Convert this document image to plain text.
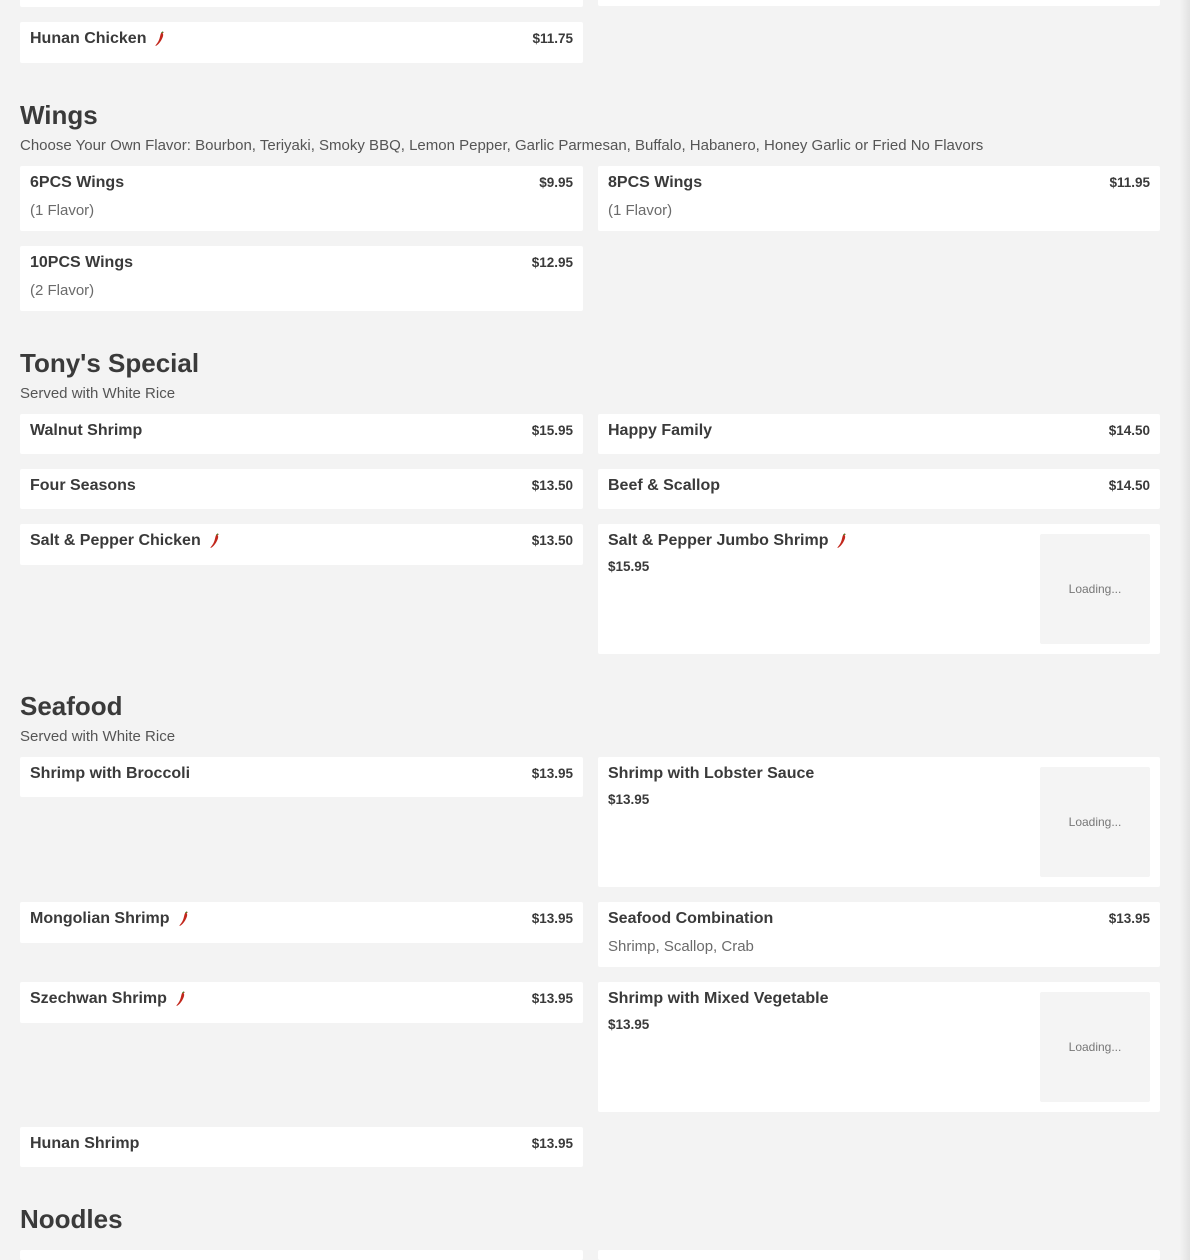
Hunan Chicken	$11.75
Wings
Choose Your Own Flavor: Bourbon, Teriyaki, Smoky BBQ, Lemon Pepper, Garlic Parmesan, Buffalo, Habanero, Honey Garlic or Fried No Flavors
6PCS Wings	$9.95
(1 Flavor)
8PCS Wings	$11.95
(1 Flavor)
10PCS Wings	$12.95
(2 Flavor)
Tony's Special
Served with White Rice
Walnut Shrimp	$15.95 Happy Family	$14.50
Four Seasons	$13.50 Beef & Scallop	$14.50
Salt & Pepper Chicken	$13.50 Salt & Pepper Jumbo Shrimp
$15.95
Loading...
Seafood
Served with White Rice
Shrimp with Broccoli	$13.95 Shrimp with Lobster Sauce
$13.95
Loading...
Mongolian Shrimp	$13.95 Seafood Combination	$13.95
Shrimp, Scallop, Crab
Szechwan Shrimp	$13.95 Shrimp with Mixed Vegetable
$13.95
Loading...
Hunan Shrimp	$13.95
Noodles
